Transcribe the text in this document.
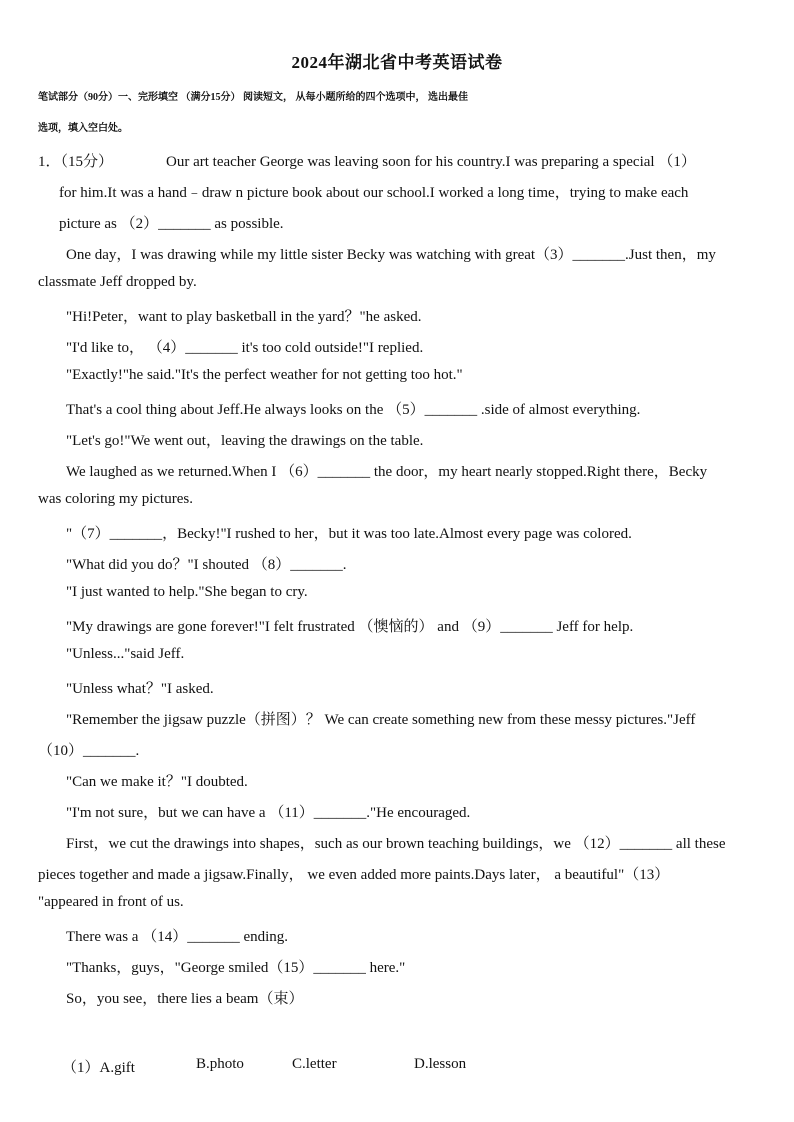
2024年湖北省中考英语试卷
笔试部分（90分）一、完形填空 （满分15分） 阅读短文， 从每小题所给的四个选项中， 选出最佳
选项，填入空白处。
1．（15分）	Our art teacher George was leaving soon for his country.I was preparing a special （1）
for him.It was a hand﹣draw n picture book about our school.I worked a long time，trying to make each
picture as （2）_______ as possible.
One day，I was drawing while my little sister Becky was watching with great（3）_______.Just then，my
classmate Jeff dropped by.
"Hi!Peter，want to play basketball in the yard？"he asked.
"I'd like to， （4）_______ it's too cold outside!"I replied.
"Exactly!"he said."It's the perfect weather for not getting too hot."
That's a cool thing about Jeff.He always looks on the （5）_______ .side of almost everything.
"Let's go!"We went out，leaving the drawings on the table.
We laughed as we returned.When I （6）_______ the door，my heart nearly stopped.Right there，Becky
was coloring my pictures.
"（7）_______，Becky!"I rushed to her，but it was too late.Almost every page was colored.
"What did you do？"I shouted （8）_______.
"I just wanted to help."She began to cry.
"My drawings are gone forever!"I felt frustrated （懊恼的） and （9）_______ Jeff for help.
"Unless..."said Jeff.
"Unless what？"I asked.
"Remember the jigsaw puzzle（拼图）？ We can create something new from these messy pictures."Jeff
（10）_______.
"Can we make it？"I doubted.
"I'm not sure，but we can have a （11）_______."He encouraged.
First，we cut the drawings into shapes，such as our brown teaching buildings，we （12）_______ all these
pieces together and made a jigsaw.Finally， we even added more paints.Days later， a beautiful"（13）
"appeared in front of us.
There was a （14）_______ ending.
"Thanks，guys，"George smiled（15）_______ here."
So，you see，there lies a beam（束）
（1）A.gift	B.photo	C.letter	D.lesson
